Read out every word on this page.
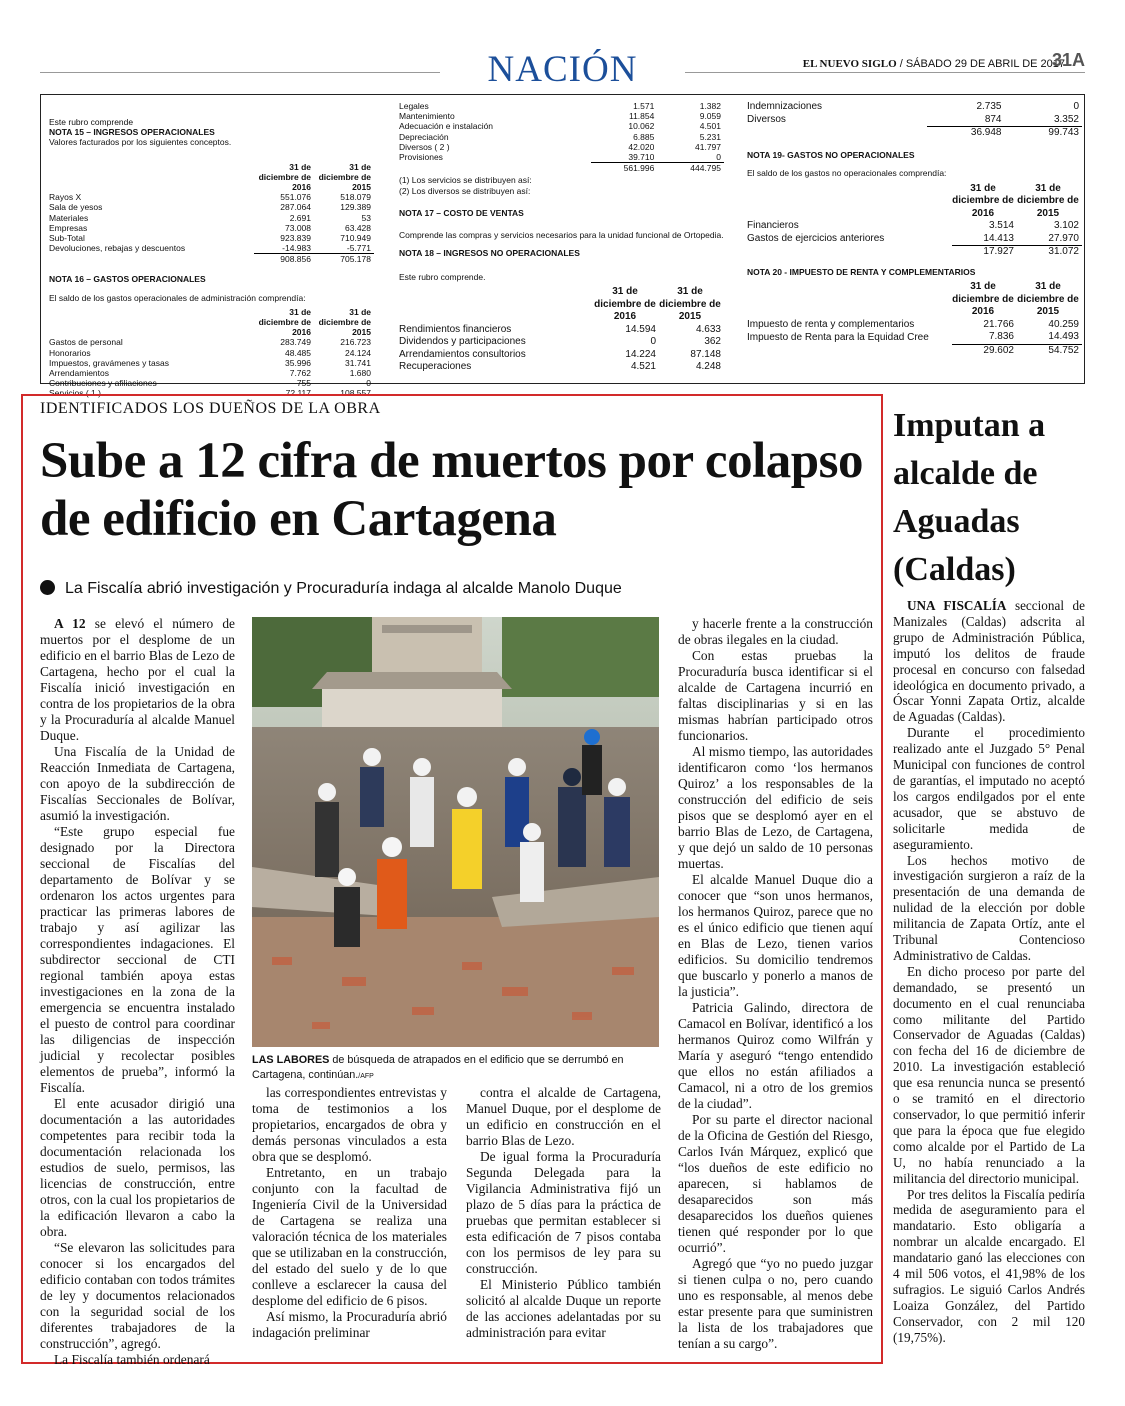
NACIÓN	EL NUEVO SIGLO / SÁBADO 29 DE ABRIL DE 2017
31A
Este rubro comprende
NOTA 15 – INGRESOS OPERACIONALES
Valores facturados por los siguientes conceptos.
	31 de diciembre de 2016	31 de diciembre de 2015
Rayos X	551.076	518.079
Sala de yesos	287.064	129.389
Materiales	2.691	53
Empresas	73.008	63.428
Sub-Total	923.839	710.949
Devoluciones, rebajas y descuentos	-14.983	-5.771
	908.856	705.178
NOTA 16 – GASTOS OPERACIONALES
El saldo de los gastos operacionales de administración comprendía:
	31 de diciembre de 2016	31 de diciembre de 2015
Gastos de personal	283.749	216.723
Honorarios	48.485	24.124
Impuestos, gravámenes y tasas	35.996	31.741
Arrendamientos	7.762	1.680
Contribuciones y afiliaciones	755	0
Servicios ( 1 )	72.117	108.557
Legales	1.571	1.382
Mantenimiento	11.854	9.059
Adecuación e instalación	10.062	4.501
Depreciación	6.885	5.231
Diversos ( 2 )	42.020	41.797
Provisiones	39.710	0
	561.996	444.795
(1) Los servicios se distribuyen así:
(2) Los diversos se distribuyen así:
NOTA 17 – COSTO DE VENTAS
Comprende las compras y servicios necesarios para la unidad funcional de Ortopedia.
NOTA 18 – INGRESOS NO OPERACIONALES
Este rubro comprende.
	31 de diciembre de 2016	31 de diciembre de 2015
Rendimientos financieros	14.594	4.633
Dividendos y participaciones	0	362
Arrendamientos consultorios	14.224	87.148
Recuperaciones	4.521	4.248
Indemnizaciones	2.735	0
Diversos	874	3.352
	36.948	99.743
NOTA 19- GASTOS NO OPERACIONALES
El saldo de los gastos no operacionales comprendía:
	31 de diciembre de 2016	31 de diciembre de 2015
Financieros	3.514	3.102
Gastos de ejercicios anteriores	14.413	27.970
	17.927	31.072
NOTA 20 - IMPUESTO DE RENTA Y COMPLEMENTARIOS
	31 de diciembre de 2016	31 de diciembre de 2015
Impuesto de renta y complementarios	21.766	40.259
Impuesto de Renta para la Equidad Cree	7.836	14.493
	29.602	54.752
IDENTIFICADOS LOS DUEÑOS DE LA OBRA
Sube a 12 cifra de muertos por colapso de edificio en Cartagena
La Fiscalía abrió investigación y Procuraduría indaga al alcalde Manolo Duque

A 12 se elevó el número de muertos por el desplome de un edificio en el barrio Blas de Lezo de Cartagena, hecho por el cual la Fiscalía inició investigación en contra de los propietarios de la obra y la Procuraduría al alcalde Manuel Duque.

Una Fiscalía de la Unidad de Reacción Inmediata de Cartagena, con apoyo de la subdirección de Fiscalías Seccionales de Bolívar, asumió la investigación.

“Este grupo especial fue designado por la Directora seccional de Fiscalías del departamento de Bolívar y se ordenaron los actos urgentes para practicar las primeras labores de trabajo y así agilizar las correspondientes indagaciones. El subdirector seccional de CTI regional también apoya estas investigaciones en la zona de la emergencia se encuentra instalado el puesto de control para coordinar las diligencias de inspección judicial y recolectar posibles elementos de prueba”, informó la Fiscalía.

El ente acusador dirigió una documentación a las autoridades competentes para recibir toda la documentación relacionada los estudios de suelo, permisos, las licencias de construcción, entre otros, con la cual los propietarios de la edificación llevaron a cabo la obra.

“Se elevaron las solicitudes para conocer si los encargados del edificio contaban con todos trámites de ley y documentos relacionados con la seguridad social de los diferentes trabajadores de la construcción”, agregó.

La Fiscalía también ordenará

las correspondientes entrevistas y toma de testimonios a los propietarios, encargados de obra y demás personas vinculados a esta obra que se desplomó.

Entretanto, en un trabajo conjunto con la facultad de Ingeniería Civil de la Universidad de Cartagena se realiza una valoración técnica de los materiales que se utilizaban en la construcción, del estado del suelo y de lo que conlleve a esclarecer la causa del desplome del edificio de 6 pisos.

Así mismo, la Procuraduría abrió indagación preliminar

contra el alcalde de Cartagena, Manuel Duque, por el desplome de un edificio en construcción en el barrio Blas de Lezo.

De igual forma la Procuraduría Segunda Delegada para la Vigilancia Administrativa fijó un plazo de 5 días para la práctica de pruebas que permitan establecer si esta edificación de 7 pisos contaba con los permisos de ley para su construcción.

El Ministerio Público también solicitó al alcalde Duque un reporte de las acciones adelantadas por su administración para evitar

y hacerle frente a la construcción de obras ilegales en la ciudad.

Con estas pruebas la Procuraduría busca identificar si el alcalde de Cartagena incurrió en faltas disciplinarias y si en las mismas habrían participado otros funcionarios.

Al mismo tiempo, las autoridades identificaron como ‘los hermanos Quiroz’ a los responsables de la construcción del edificio de seis pisos que se desplomó ayer en el barrio Blas de Lezo, de Cartagena, y que dejó un saldo de 10 personas muertas.

El alcalde Manuel Duque dio a conocer que “son unos hermanos, los hermanos Quiroz, parece que no es el único edificio que tienen aquí en Blas de Lezo, tienen varios edificios. Su domicilio tendremos que buscarlo y ponerlo a manos de la justicia”.

Patricia Galindo, directora de Camacol en Bolívar, identificó a los hermanos Quiroz como Wilfrán y María y aseguró “tengo entendido que ellos no están afiliados a Camacol, ni a otro de los gremios de la ciudad”.

Por su parte el director nacional de la Oficina de Gestión del Riesgo, Carlos Iván Márquez, explicó que “los dueños de este edificio no aparecen, si hablamos de desaparecidos son más desaparecidos los dueños quienes tienen qué responder por lo que ocurrió”.

Agregó que “yo no puedo juzgar si tienen culpa o no, pero cuando uno es responsable, al menos debe estar presente para que suministren la lista de los trabajadores que tenían a su cargo”.

LAS LABORES de búsqueda de atrapados en el edificio que se derrumbó en Cartagena, continúan./AFP
Imputan a alcalde de Aguadas (Caldas)

UNA FISCALÍA seccional de Manizales (Caldas) adscrita al grupo de Administración Pública, imputó los delitos de fraude procesal en concurso con falsedad ideológica en documento privado, a Óscar Yonni Zapata Ortiz, alcalde de Aguadas (Caldas).

Durante el procedimiento realizado ante el Juzgado 5° Penal Municipal con funciones de control de garantías, el imputado no aceptó los cargos endilgados por el ente acusador, que se abstuvo de solicitarle medida de aseguramiento.

Los hechos motivo de investigación surgieron a raíz de la presentación de una demanda de nulidad de la elección por doble militancia de Zapata Ortíz, ante el Tribunal Contencioso Administrativo de Caldas.

En dicho proceso por parte del demandado, se presentó un documento en el cual renunciaba como militante del Partido Conservador de Aguadas (Caldas) con fecha del 16 de diciembre de 2010. La investigación estableció que esa renuncia nunca se presentó o se tramitó en el directorio conservador, lo que permitió inferir que para la época que fue elegido como alcalde por el Partido de La U, no había renunciado a la militancia del directorio municipal.

Por tres delitos la Fiscalía pediría medida de aseguramiento para el mandatario. Esto obligaría a nombrar un alcalde encargado. El mandatario ganó las elecciones con 4 mil 506 votos, el 41,98% de los sufragios. Le siguió Carlos Andrés Loaiza González, del Partido Conservador, con 2 mil 120 (19,75%).
